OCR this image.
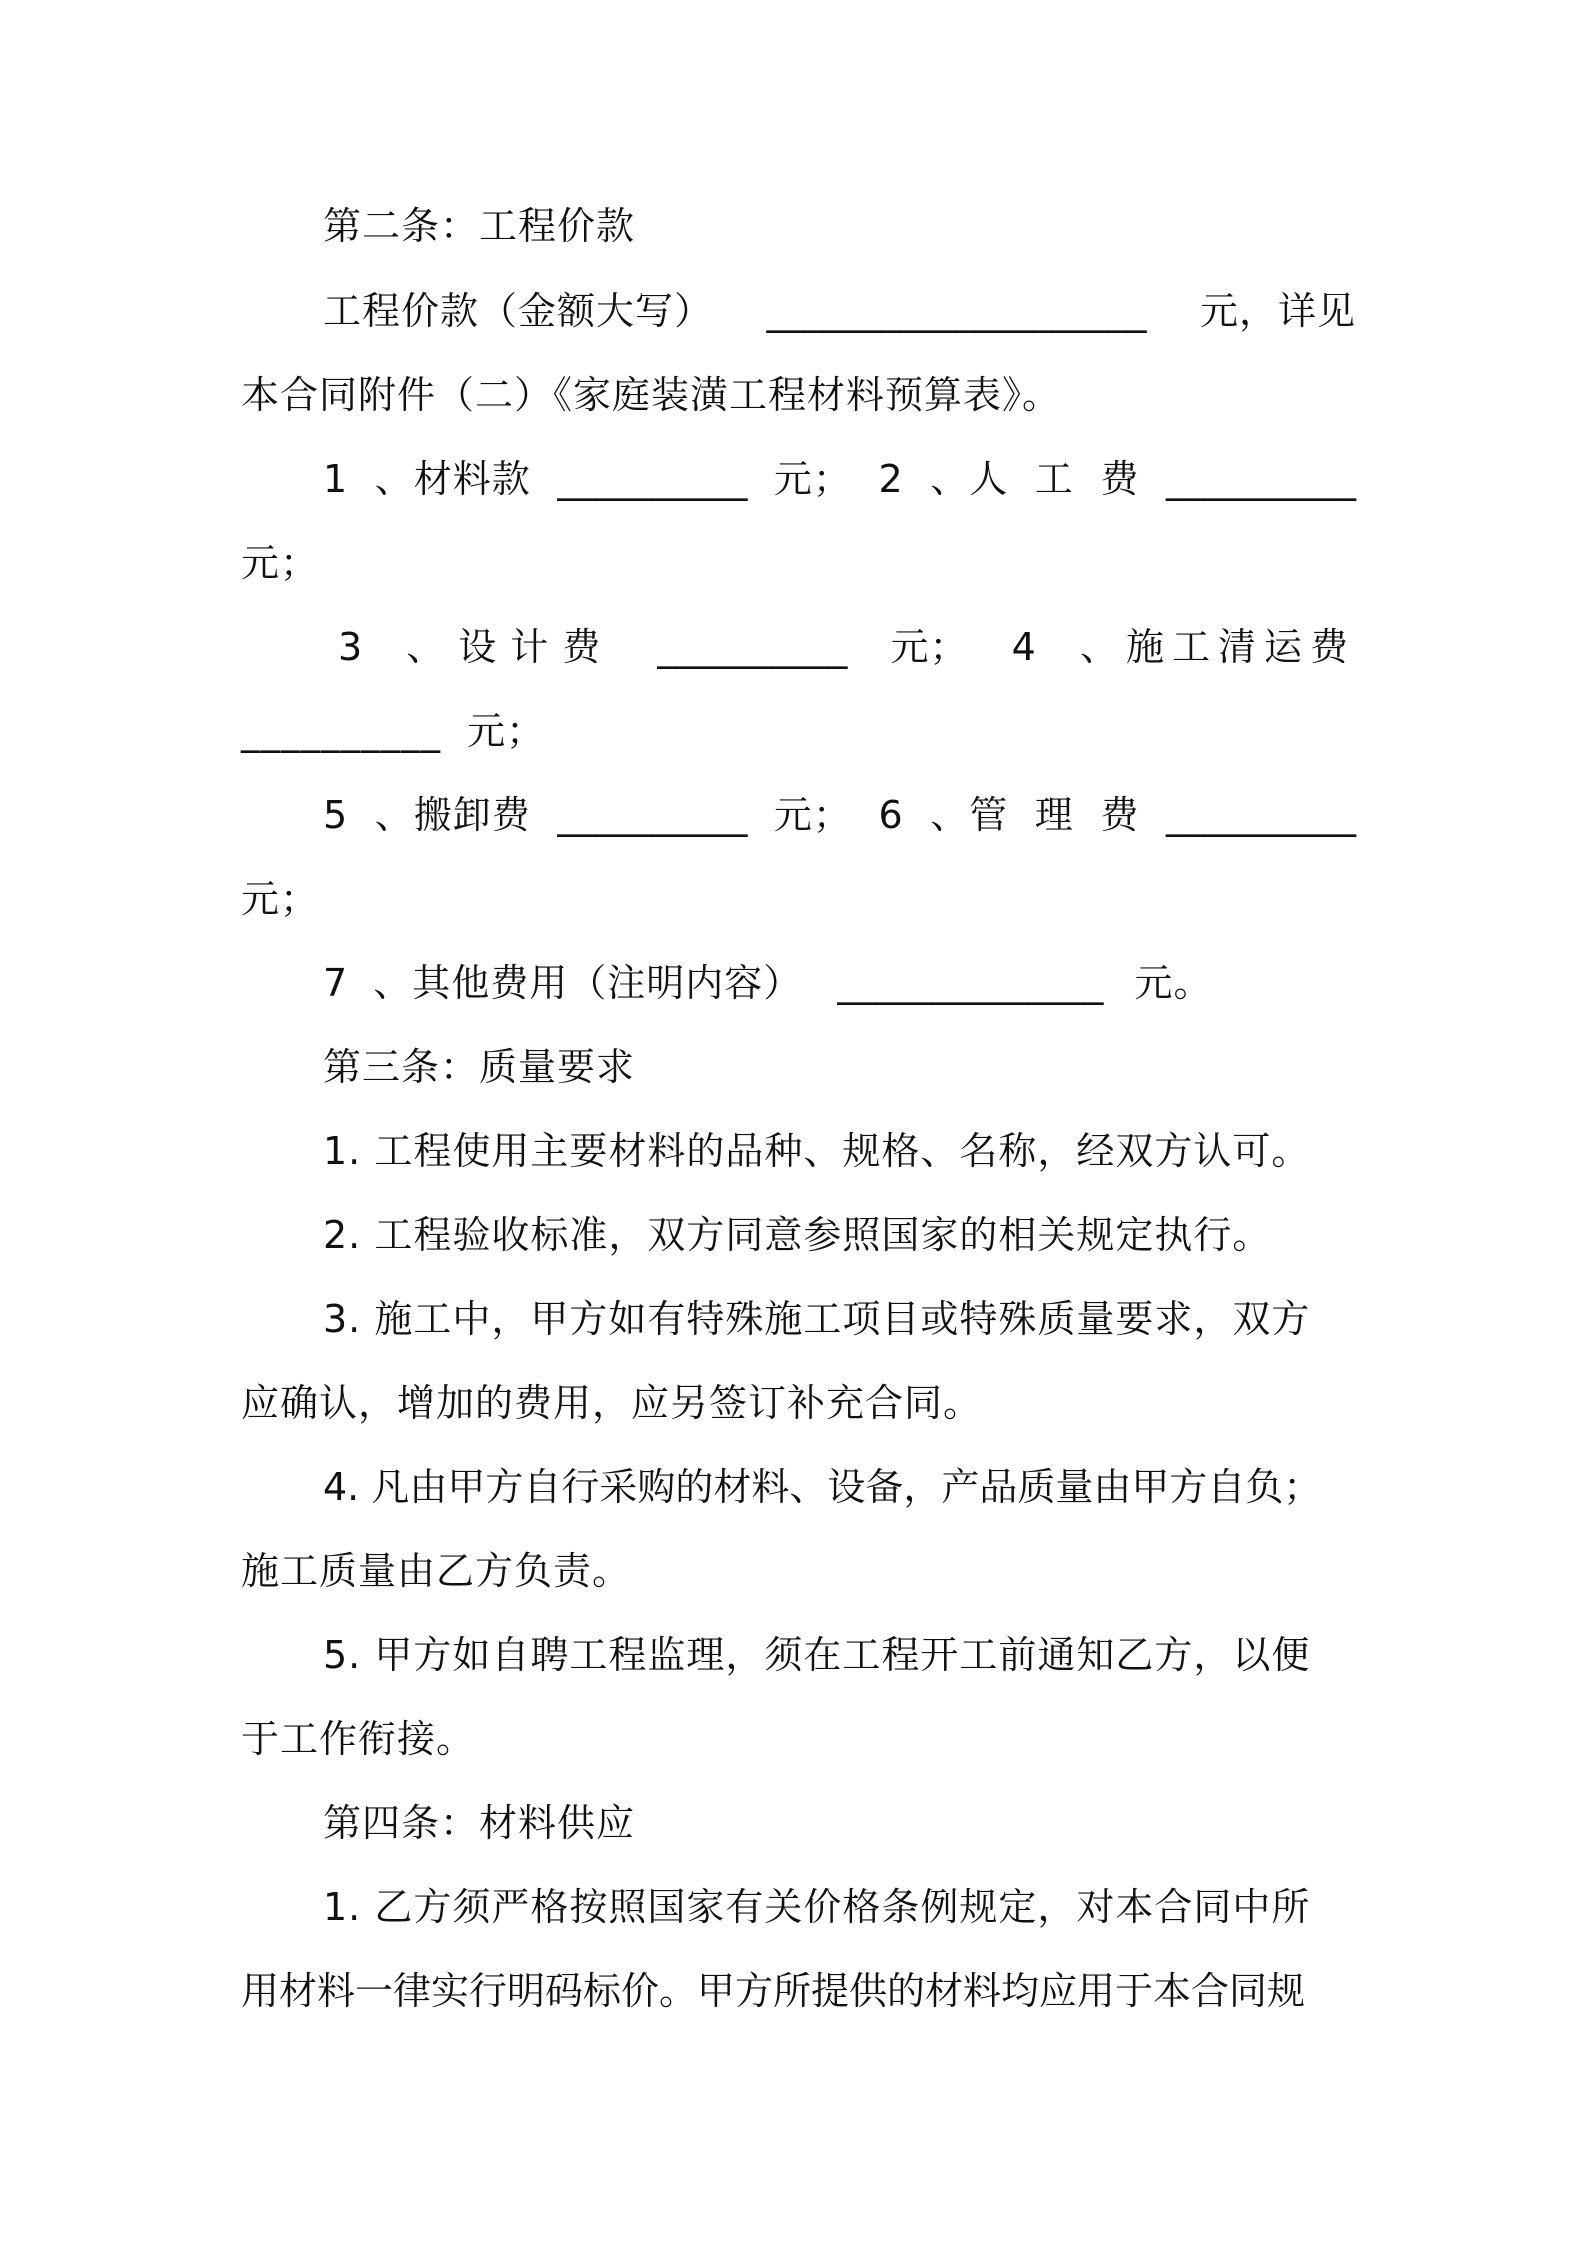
第二条：工程价款
工程价款（金额大写） ____________________ 元，详见
本合同附件（二）《家庭装潢工程材料预算表》。
1 、材料款 __________ 元； 2 、人 工 费 __________
元；
3 、设计费 __________ 元； 4 、施工清运费
__________  元；
5 、搬卸费 __________ 元； 6 、管 理 费 __________
元；
7 、其他费用（注明内容） ______________ 元。
第三条：质量要求
1. 工程使用主要材料的品种、规格、名称，经双方认可。
2. 工程验收标准，双方同意参照国家的相关规定执行。
3. 施工中，甲方如有特殊施工项目或特殊质量要求，双方
应确认，增加的费用，应另签订补充合同。
4. 凡由甲方自行采购的材料、设备，产品质量由甲方自负；
施工质量由乙方负责。
5. 甲方如自聘工程监理，须在工程开工前通知乙方，以便
于工作衔接。
第四条：材料供应
1. 乙方须严格按照国家有关价格条例规定，对本合同中所
用材料一律实行明码标价。甲方所提供的材料均应用于本合同规
